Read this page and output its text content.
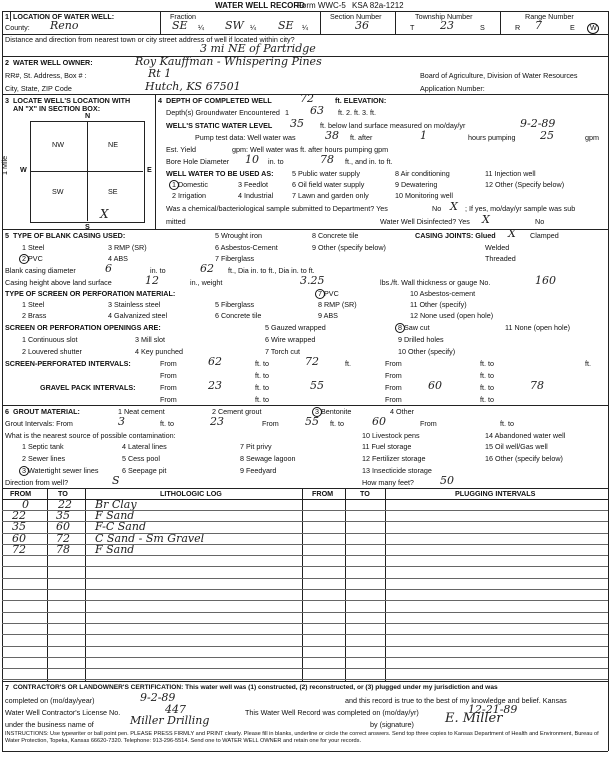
WATER WELL RECORD
Form WWC-5 KSA 82a-1212
1 LOCATION OF WATER WELL:
County: Reno
Fraction
SE ¼ SW ¼ SE ¼
Section Number
36
Township Number
T 23	S
Range Number
R 7	E W
Distance and direction from nearest town or city street address of well if located within city?
3 mi NE of Partridge
2 WATER WELL OWNER:	Roy Kauffman - Whispering Pines
RR#, St. Address, Box # :	Rt 1	Board of Agriculture, Division of Water Resources
City, State, ZIP Code	Hutch, KS 67501	Application Number:
3 LOCATE WELL'S LOCATION WITH
AN "X" IN SECTION BOX:
N
NW	NE
SW	SE
W	E
S
X
1 Mile
4 DEPTH OF COMPLETED WELL	72	ft. ELEVATION:
Depth(s) Groundwater Encountered 1 63 ft. 2. ft. 3. ft.
WELL'S STATIC WATER LEVEL 35 ft. below land surface measured on mo/day/yr	9-2-89
Pump test data: Well water was	38 ft. after	1	hours pumping 25	gpm
Est. Yield	gpm: Well water was ft. after hours pumping gpm
Bore Hole Diameter 10 in. to	78 ft., and in. to ft.
WELL WATER TO BE USED AS:
1 Domestic	3 Feedlot
5 Public water supply	8 Air conditioning	11 Injection well
2 Irrigation	4 Industrial	7 Lawn and garden only	10 Monitoring well
6 Oil field water supply	9 Dewatering	12 Other (Specify below)
Was a chemical/bacteriological sample submitted to Department? Yes	No X ; If yes, mo/day/yr sample was sub
mitted	Water Well Disinfected? Yes X	No
5 TYPE OF BLANK CASING USED:
1 Steel	3 RMP (SR)
5 Wrought iron	8 Concrete tile
2 PVC	4 ABS
6 Asbestos-Cement
7 Fiberglass
9 Other (specify below)
CASING JOINTS: Glued X Clamped
Welded
Threaded
Blank casing diameter	6	in. to	62 ft., Dia in. to ft., Dia in. to ft.
Casing height above land surface	12	in., weight	3.25	lbs./ft. Wall thickness or gauge No.	160
TYPE OF SCREEN OR PERFORATION MATERIAL:
1 Steel	3 Stainless steel	5 Fiberglass
7 PVC	10 Asbestos-cement
2 Brass	4 Galvanized steel	6 Concrete tile
8 RMP (SR)
9 ABS
11 Other (specify)
12 None used (open hole)
SCREEN OR PERFORATION OPENINGS ARE:
1 Continuous slot	3 Mill slot
5 Gauzed wrapped	8 Saw cut	11 None (open hole)
2 Louvered shutter	4 Key punched
6 Wire wrapped
7 Torch cut
9 Drilled holes
10 Other (specify)
SCREEN-PERFORATED INTERVALS:	From	62	ft. to	72	ft.	From	ft. to	ft.
From	ft. to	From	ft. to
GRAVEL PACK INTERVALS:	From	23	ft. to	55	From 60	ft. to	78
From	ft. to	From	ft. to
6 GROUT MATERIAL:	1 Neat cement	2 Cement grout	3 Bentonite	4 Other
Grout Intervals: From	3	ft. to	23	From 55 ft. to	60	From	ft. to
What is the nearest source of possible contamination:
1 Septic tank	4 Lateral lines	7 Pit privy
10 Livestock pens	14 Abandoned water well
2 Sewer lines	5 Cess pool	8 Sewage lagoon
11 Fuel storage	15 Oil well/Gas well
3 Watertight sewer lines	6 Seepage pit	9 Feedyard
12 Fertilizer storage
13 Insecticide storage
16 Other (specify below)
Direction from well?	S	How many feet? 50
FROM	TO	LITHOLOGIC LOG	FROM	TO	PLUGGING INTERVALS
0	22 Br Clay
22	35 F Sand
35	60 F-C Sand
60	72 C Sand - Sm Gravel
72	78 F Sand
7 CONTRACTOR'S OR LANDOWNER'S CERTIFICATION: This water well was (1) constructed, (2) reconstructed, or (3) plugged under my jurisdiction and was
completed on (mo/day/year)	9-2-89	and this record is true to the best of my knowledge and belief. Kansas
Water Well Contractor's License No.	447	This Water Well Record was completed on (mo/day/yr)	12-21-89
under the business name of	Miller Drilling	by (signature) E. Miller
INSTRUCTIONS: Use typewriter or ball point pen. PLEASE PRESS FIRMLY and PRINT clearly. Please fill in blanks, underline or circle the correct answers. Send top three copies to Kansas Department of Health and Environment, Bureau of Water Protection, Topeka, Kansas 66620-7320. Telephone: 913-296-5514. Send one to WATER WELL OWNER and retain one for your records.
